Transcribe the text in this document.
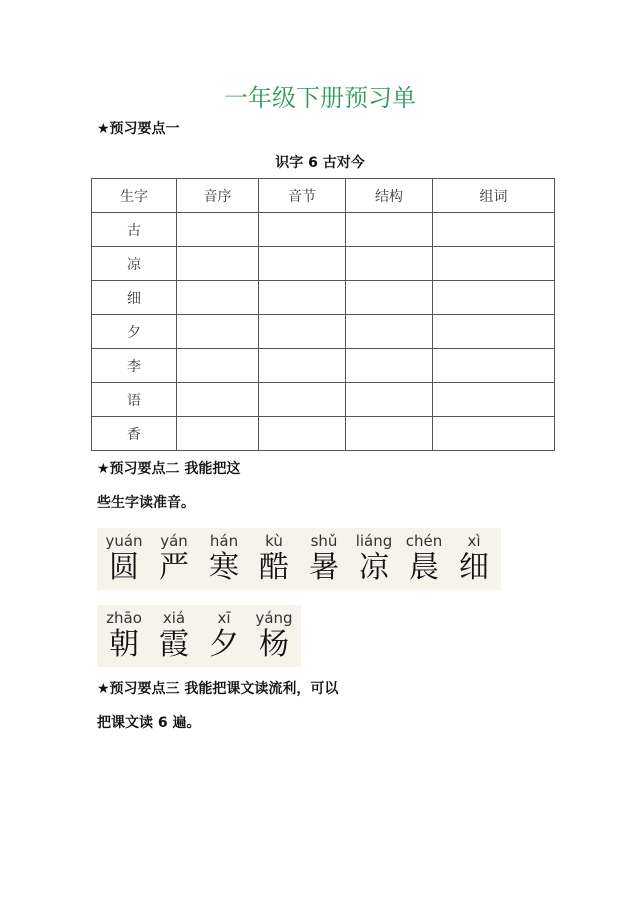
一年级下册预习单
★预习要点一
识字 6 古对今
生字	音序	音节	结构	组词
古				
凉				
细				
夕				
李				
语				
香				
★预习要点二 我能把这
些生字读准音。
yuán
圆
yán
严
hán
寒
kù
酷
shǔ
暑
liáng
凉
chén
晨
xì
细
zhāo
朝
xiá
霞
xī
夕
yáng
杨
★预习要点三 我能把课文读流利，可以
把课文读 6 遍。
